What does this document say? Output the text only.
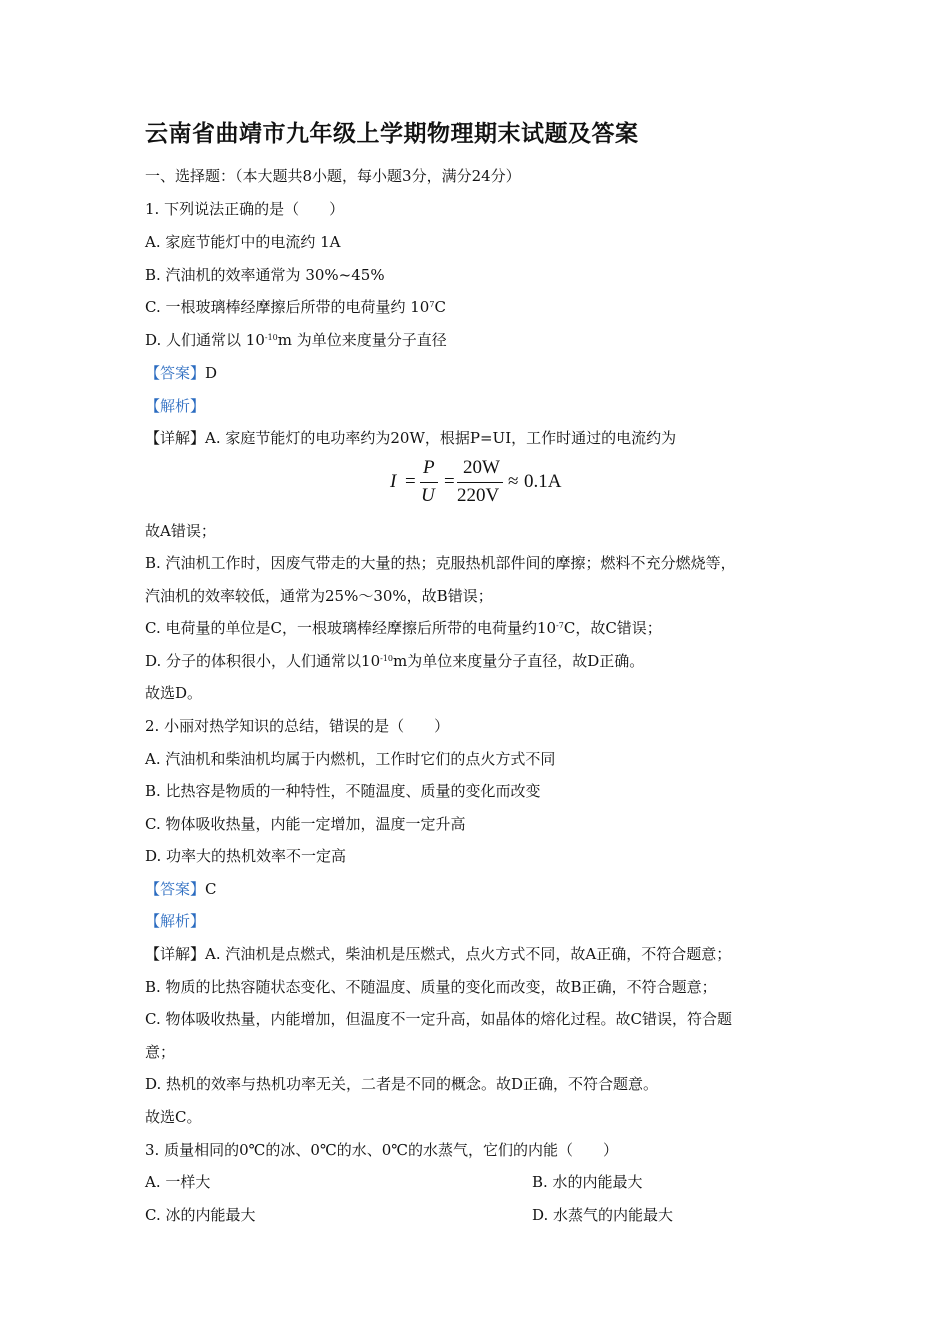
云南省曲靖市九年级上学期物理期末试题及答案
一、选择题：（本大题共8小题，每小题3分，满分24分）
1. 下列说法正确的是（　　）
A. 家庭节能灯中的电流约 1A
B. 汽油机的效率通常为 30%~45%
C. 一根玻璃棒经摩擦后所带的电荷量约 $10^7C$
D. 人们通常以 $10^{-10}m$ 为单位来度量分子直径
【答案】D
【解析】
【详解】A. 家庭节能灯的电功率约为20W，根据P=UI，工作时通过的电流约为
I =
P
U
=
20W
220V
≈ 0.1A
故A错误；
B. 汽油机工作时，因废气带走的大量的热；克服热机部件间的摩擦；燃料不充分燃烧等，
汽油机的效率较低，通常为25%～30%，故B错误；
C. 电荷量的单位是C，一根玻璃棒经摩擦后所带的电荷量约$10^{-7}C$，故C错误；
D. 分子的体积很小，人们通常以$10^{-10}m$为单位来度量分子直径，故D正确。
故选D。
2. 小丽对热学知识的总结，错误的是（　　）
A. 汽油机和柴油机均属于内燃机，工作时它们的点火方式不同
B. 比热容是物质的一种特性，不随温度、质量的变化而改变
C. 物体吸收热量，内能一定增加，温度一定升高
D. 功率大的热机效率不一定高
【答案】C
【解析】
【详解】A. 汽油机是点燃式，柴油机是压燃式，点火方式不同，故A正确，不符合题意；
B. 物质的比热容随状态变化、不随温度、质量的变化而改变，故B正确，不符合题意；
C. 物体吸收热量，内能增加，但温度不一定升高，如晶体的熔化过程。故C错误，符合题
意；
D. 热机的效率与热机功率无关，二者是不同的概念。故D正确，不符合题意。
故选C。
3. 质量相同的0℃的冰、0℃的水、0℃的水蒸气，它们的内能（　　）
A. 一样大	B. 水的内能最大
C. 冰的内能最大	D. 水蒸气的内能最大
